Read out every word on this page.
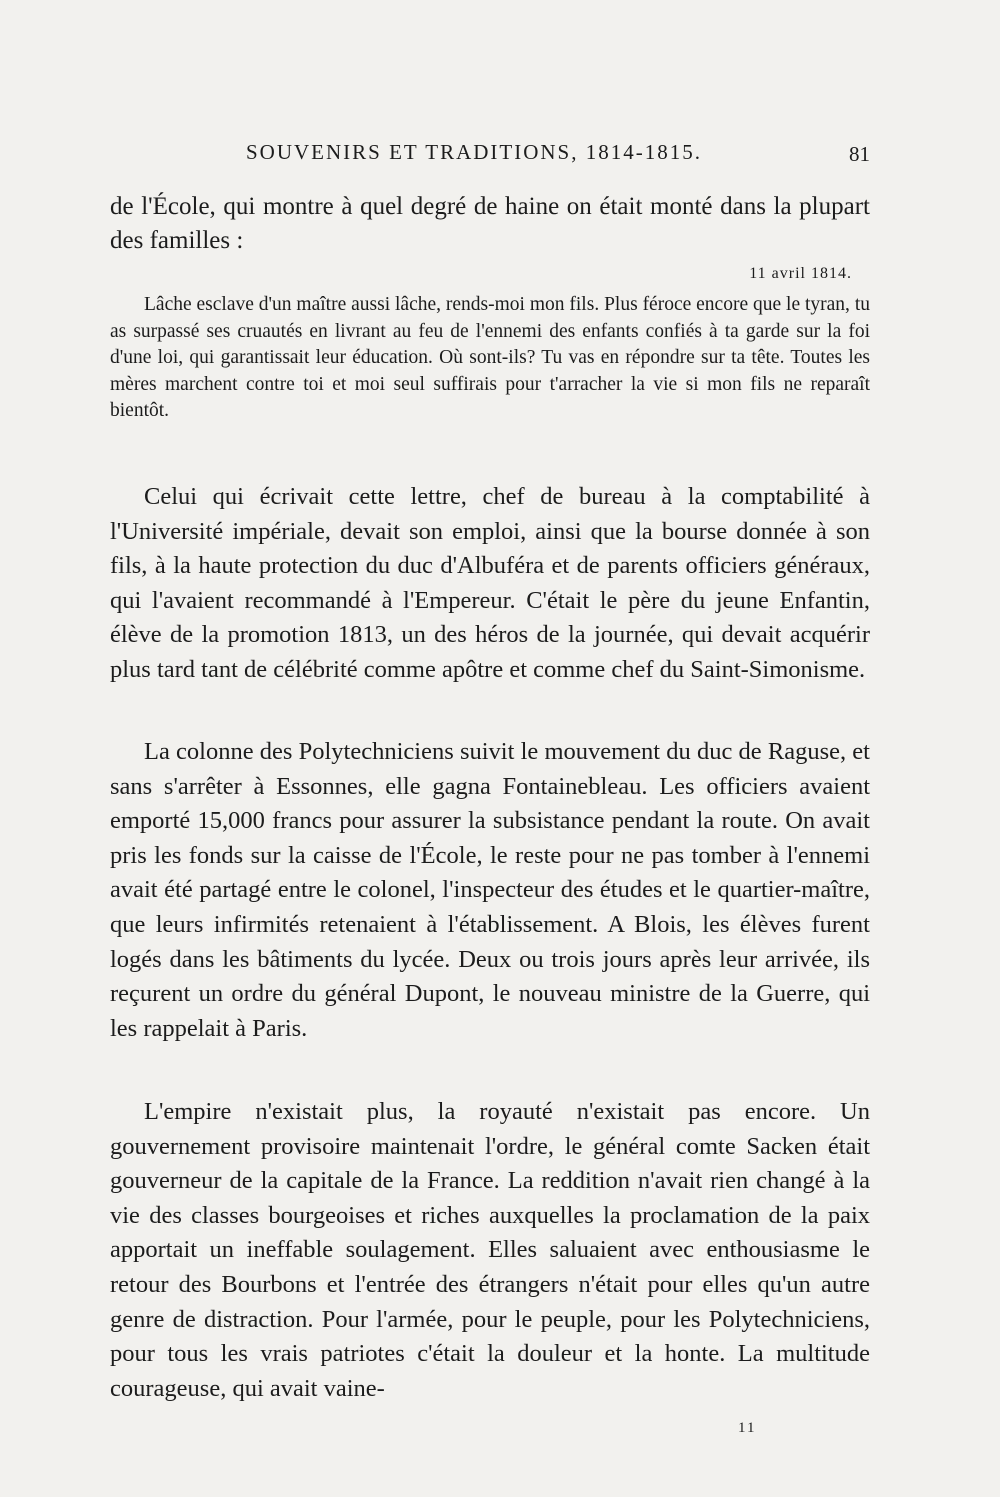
SOUVENIRS ET TRADITIONS, 1814-1815.	81
de l'École, qui montre à quel degré de haine on était monté dans la plupart des familles :
11 avril 1814.
Lâche esclave d'un maître aussi lâche, rends-moi mon fils. Plus féroce encore que le tyran, tu as surpassé ses cruautés en livrant au feu de l'ennemi des enfants confiés à ta garde sur la foi d'une loi, qui garantissait leur éducation. Où sont-ils? Tu vas en répondre sur ta tête. Toutes les mères marchent contre toi et moi seul suffirais pour t'arracher la vie si mon fils ne reparaît bientôt.
Celui qui écrivait cette lettre, chef de bureau à la comptabilité à l'Université impériale, devait son emploi, ainsi que la bourse donnée à son fils, à la haute protection du duc d'Albuféra et de parents officiers généraux, qui l'avaient recommandé à l'Empereur. C'était le père du jeune Enfantin, élève de la promotion 1813, un des héros de la journée, qui devait acquérir plus tard tant de célébrité comme apôtre et comme chef du Saint-Simonisme.
La colonne des Polytechniciens suivit le mouvement du duc de Raguse, et sans s'arrêter à Essonnes, elle gagna Fontainebleau. Les officiers avaient emporté 15,000 francs pour assurer la subsistance pendant la route. On avait pris les fonds sur la caisse de l'École, le reste pour ne pas tomber à l'ennemi avait été partagé entre le colonel, l'inspecteur des études et le quartier-maître, que leurs infirmités retenaient à l'établissement. A Blois, les élèves furent logés dans les bâtiments du lycée. Deux ou trois jours après leur arrivée, ils reçurent un ordre du général Dupont, le nouveau ministre de la Guerre, qui les rappelait à Paris.
L'empire n'existait plus, la royauté n'existait pas encore. Un gouvernement provisoire maintenait l'ordre, le général comte Sacken était gouverneur de la capitale de la France. La reddition n'avait rien changé à la vie des classes bourgeoises et riches auxquelles la proclamation de la paix apportait un ineffable soulagement. Elles saluaient avec enthousiasme le retour des Bourbons et l'entrée des étrangers n'était pour elles qu'un autre genre de distraction. Pour l'armée, pour le peuple, pour les Polytechniciens, pour tous les vrais patriotes c'était la douleur et la honte. La multitude courageuse, qui avait vaine-
11
